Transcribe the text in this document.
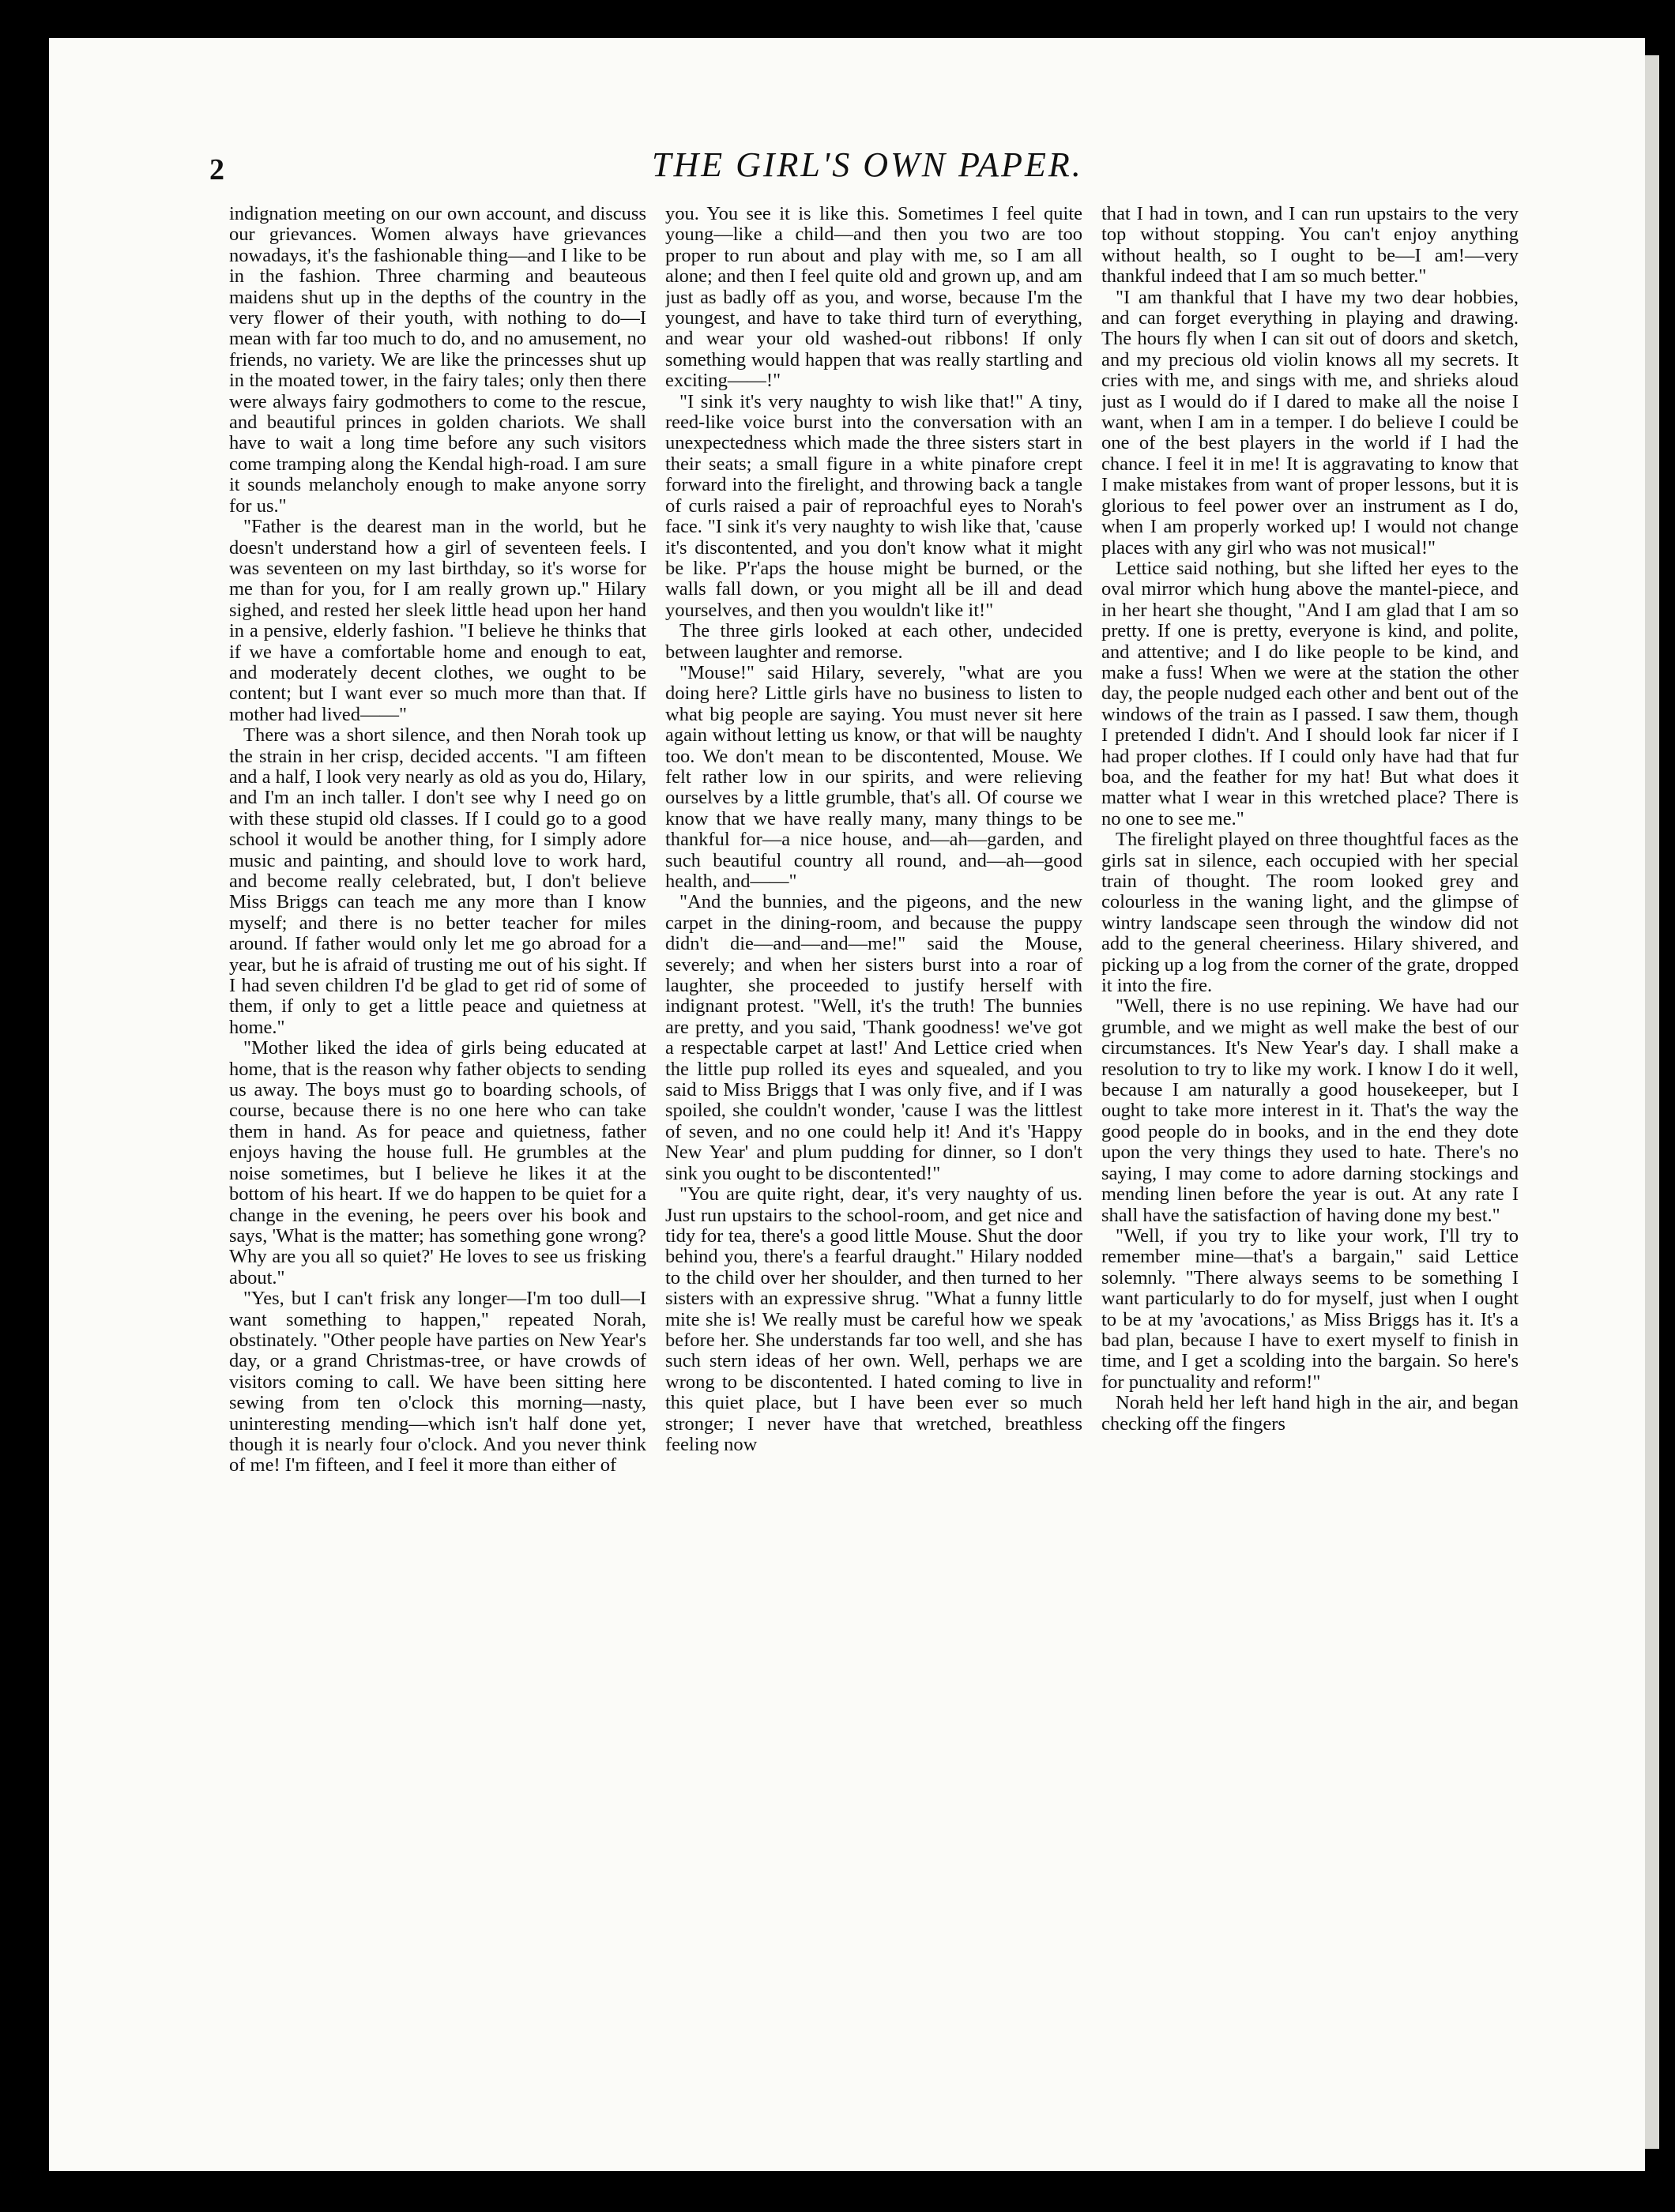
2	THE GIRL'S OWN PAPER.

indignation meeting on our own account, and discuss our grievances. Women always have grievances nowadays, it's the fashionable thing—and I like to be in the fashion. Three charming and beauteous maidens shut up in the depths of the country in the very flower of their youth, with nothing to do—I mean with far too much to do, and no amusement, no friends, no variety. We are like the princesses shut up in the moated tower, in the fairy tales; only then there were always fairy godmothers to come to the rescue, and beautiful princes in golden chariots. We shall have to wait a long time before any such visitors come tramping along the Kendal high-road. I am sure it sounds melancholy enough to make anyone sorry for us."

"Father is the dearest man in the world, but he doesn't understand how a girl of seventeen feels. I was seventeen on my last birthday, so it's worse for me than for you, for I am really grown up." Hilary sighed, and rested her sleek little head upon her hand in a pensive, elderly fashion. "I believe he thinks that if we have a comfortable home and enough to eat, and moderately decent clothes, we ought to be content; but I want ever so much more than that. If mother had lived——"

There was a short silence, and then Norah took up the strain in her crisp, decided accents. "I am fifteen and a half, I look very nearly as old as you do, Hilary, and I'm an inch taller. I don't see why I need go on with these stupid old classes. If I could go to a good school it would be another thing, for I simply adore music and painting, and should love to work hard, and become really celebrated, but, I don't believe Miss Briggs can teach me any more than I know myself; and there is no better teacher for miles around. If father would only let me go abroad for a year, but he is afraid of trusting me out of his sight. If I had seven children I'd be glad to get rid of some of them, if only to get a little peace and quietness at home."

"Mother liked the idea of girls being educated at home, that is the reason why father objects to sending us away. The boys must go to boarding schools, of course, because there is no one here who can take them in hand. As for peace and quietness, father enjoys having the house full. He grumbles at the noise sometimes, but I believe he likes it at the bottom of his heart. If we do happen to be quiet for a change in the evening, he peers over his book and says, 'What is the matter; has something gone wrong? Why are you all so quiet?' He loves to see us frisking about."

"Yes, but I can't frisk any longer—I'm too dull—I want something to happen," repeated Norah, obstinately. "Other people have parties on New Year's day, or a grand Christmas-tree, or have crowds of visitors coming to call. We have been sitting here sewing from ten o'clock this morning—nasty, uninteresting mending—which isn't half done yet, though it is nearly four o'clock. And you never think of me! I'm fifteen, and I feel it more than either of

you. You see it is like this. Sometimes I feel quite young—like a child—and then you two are too proper to run about and play with me, so I am all alone; and then I feel quite old and grown up, and am just as badly off as you, and worse, because I'm the youngest, and have to take third turn of everything, and wear your old washed-out ribbons! If only something would happen that was really startling and exciting——!"

"I sink it's very naughty to wish like that!" A tiny, reed-like voice burst into the conversation with an unexpectedness which made the three sisters start in their seats; a small figure in a white pinafore crept forward into the firelight, and throwing back a tangle of curls raised a pair of reproachful eyes to Norah's face. "I sink it's very naughty to wish like that, 'cause it's discontented, and you don't know what it might be like. P'r'aps the house might be burned, or the walls fall down, or you might all be ill and dead yourselves, and then you wouldn't like it!"

The three girls looked at each other, undecided between laughter and remorse.

"Mouse!" said Hilary, severely, "what are you doing here? Little girls have no business to listen to what big people are saying. You must never sit here again without letting us know, or that will be naughty too. We don't mean to be discontented, Mouse. We felt rather low in our spirits, and were relieving ourselves by a little grumble, that's all. Of course we know that we have really many, many things to be thankful for—a nice house, and—ah—garden, and such beautiful country all round, and—ah—good health, and——"

"And the bunnies, and the pigeons, and the new carpet in the dining-room, and because the puppy didn't die—and—and—me!" said the Mouse, severely; and when her sisters burst into a roar of laughter, she proceeded to justify herself with indignant protest. "Well, it's the truth! The bunnies are pretty, and you said, 'Thank goodness! we've got a respectable carpet at last!' And Lettice cried when the little pup rolled its eyes and squealed, and you said to Miss Briggs that I was only five, and if I was spoiled, she couldn't wonder, 'cause I was the littlest of seven, and no one could help it! And it's 'Happy New Year' and plum pudding for dinner, so I don't sink you ought to be discontented!"

"You are quite right, dear, it's very naughty of us. Just run upstairs to the school-room, and get nice and tidy for tea, there's a good little Mouse. Shut the door behind you, there's a fearful draught." Hilary nodded to the child over her shoulder, and then turned to her sisters with an expressive shrug. "What a funny little mite she is! We really must be careful how we speak before her. She understands far too well, and she has such stern ideas of her own. Well, perhaps we are wrong to be discontented. I hated coming to live in this quiet place, but I have been ever so much stronger; I never have that wretched, breathless feeling now

that I had in town, and I can run upstairs to the very top without stopping. You can't enjoy anything without health, so I ought to be—I am!—very thankful indeed that I am so much better."

"I am thankful that I have my two dear hobbies, and can forget everything in playing and drawing. The hours fly when I can sit out of doors and sketch, and my precious old violin knows all my secrets. It cries with me, and sings with me, and shrieks aloud just as I would do if I dared to make all the noise I want, when I am in a temper. I do believe I could be one of the best players in the world if I had the chance. I feel it in me! It is aggravating to know that I make mistakes from want of proper lessons, but it is glorious to feel power over an instrument as I do, when I am properly worked up! I would not change places with any girl who was not musical!"

Lettice said nothing, but she lifted her eyes to the oval mirror which hung above the mantel-piece, and in her heart she thought, "And I am glad that I am so pretty. If one is pretty, everyone is kind, and polite, and attentive; and I do like people to be kind, and make a fuss! When we were at the station the other day, the people nudged each other and bent out of the windows of the train as I passed. I saw them, though I pretended I didn't. And I should look far nicer if I had proper clothes. If I could only have had that fur boa, and the feather for my hat! But what does it matter what I wear in this wretched place? There is no one to see me."

The firelight played on three thoughtful faces as the girls sat in silence, each occupied with her special train of thought. The room looked grey and colourless in the waning light, and the glimpse of wintry landscape seen through the window did not add to the general cheeriness. Hilary shivered, and picking up a log from the corner of the grate, dropped it into the fire.

"Well, there is no use repining. We have had our grumble, and we might as well make the best of our circumstances. It's New Year's day. I shall make a resolution to try to like my work. I know I do it well, because I am naturally a good housekeeper, but I ought to take more interest in it. That's the way the good people do in books, and in the end they dote upon the very things they used to hate. There's no saying, I may come to adore darning stockings and mending linen before the year is out. At any rate I shall have the satisfaction of having done my best."

"Well, if you try to like your work, I'll try to remember mine—that's a bargain," said Lettice solemnly. "There always seems to be something I want particularly to do for myself, just when I ought to be at my 'avocations,' as Miss Briggs has it. It's a bad plan, because I have to exert myself to finish in time, and I get a scolding into the bargain. So here's for punctuality and reform!"

Norah held her left hand high in the air, and began checking off the fingers
